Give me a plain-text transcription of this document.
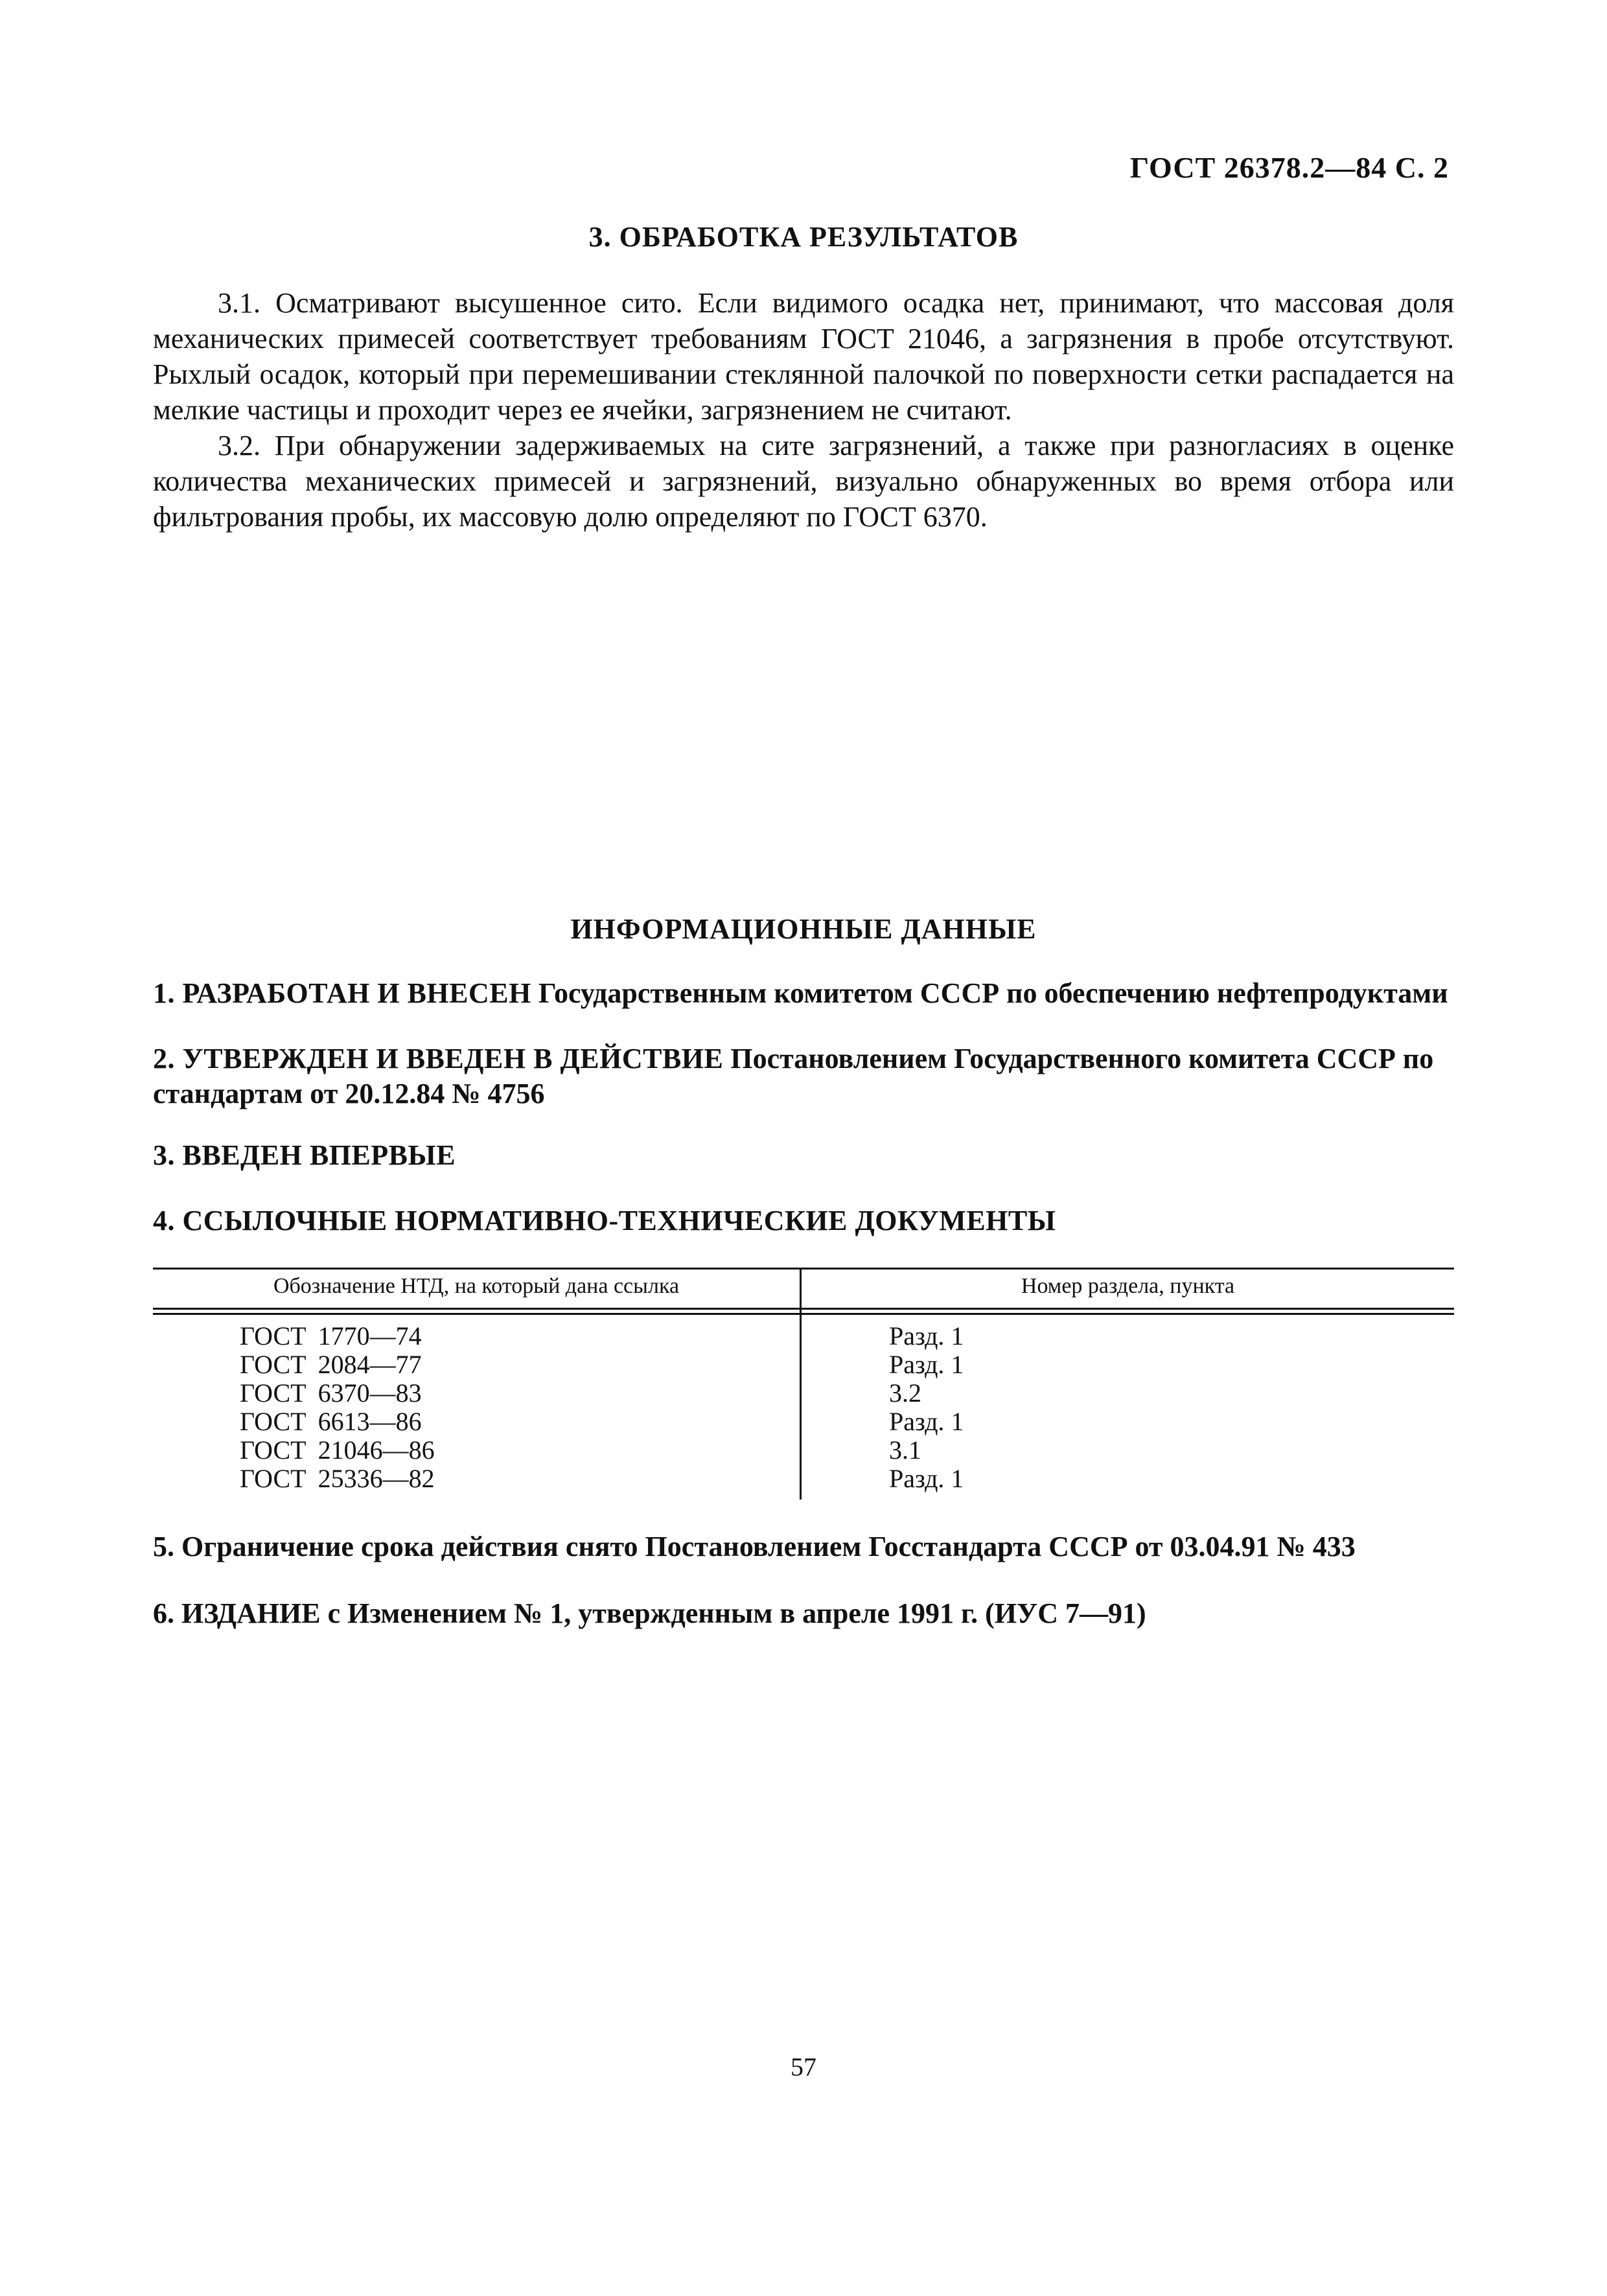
ГОСТ 26378.2—84 С. 2
3. ОБРАБОТКА РЕЗУЛЬТАТОВ

3.1. Осматривают высушенное сито. Если видимого осадка нет, принимают, что массовая доля механических примесей соответствует требованиям ГОСТ 21046, а загрязнения в пробе отсутствуют. Рыхлый осадок, который при перемешивании стеклянной палочкой по поверхности сетки распадается на мелкие частицы и проходит через ее ячейки, загрязнением не считают.

3.2. При обнаружении задерживаемых на сите загрязнений, а также при разногласиях в оценке количества механических примесей и загрязнений, визуально обнаруженных во время отбора или фильтрования пробы, их массовую долю определяют по ГОСТ 6370.

ИНФОРМАЦИОННЫЕ ДАННЫЕ
1. РАЗРАБОТАН И ВНЕСЕН Государственным комитетом СССР по обеспечению нефтепродуктами
2. УТВЕРЖДЕН И ВВЕДЕН В ДЕЙСТВИЕ Постановлением Государственного комитета СССР по стандартам от 20.12.84 № 4756
3. ВВЕДЕН ВПЕРВЫЕ
4. ССЫЛОЧНЫЕ НОРМАТИВНО-ТЕХНИЧЕСКИЕ ДОКУМЕНТЫ
Обозначение НТД, на который дана ссылка	Номер раздела, пункта
ГОСТ 1770—74	Разд. 1
ГОСТ 2084—77	Разд. 1
ГОСТ 6370—83	3.2
ГОСТ 6613—86	Разд. 1
ГОСТ 21046—86	3.1
ГОСТ 25336—82	Разд. 1
5. Ограничение срока действия снято Постановлением Госстандарта СССР от 03.04.91 № 433
6. ИЗДАНИЕ с Изменением № 1, утвержденным в апреле 1991 г. (ИУС 7—91)
57
